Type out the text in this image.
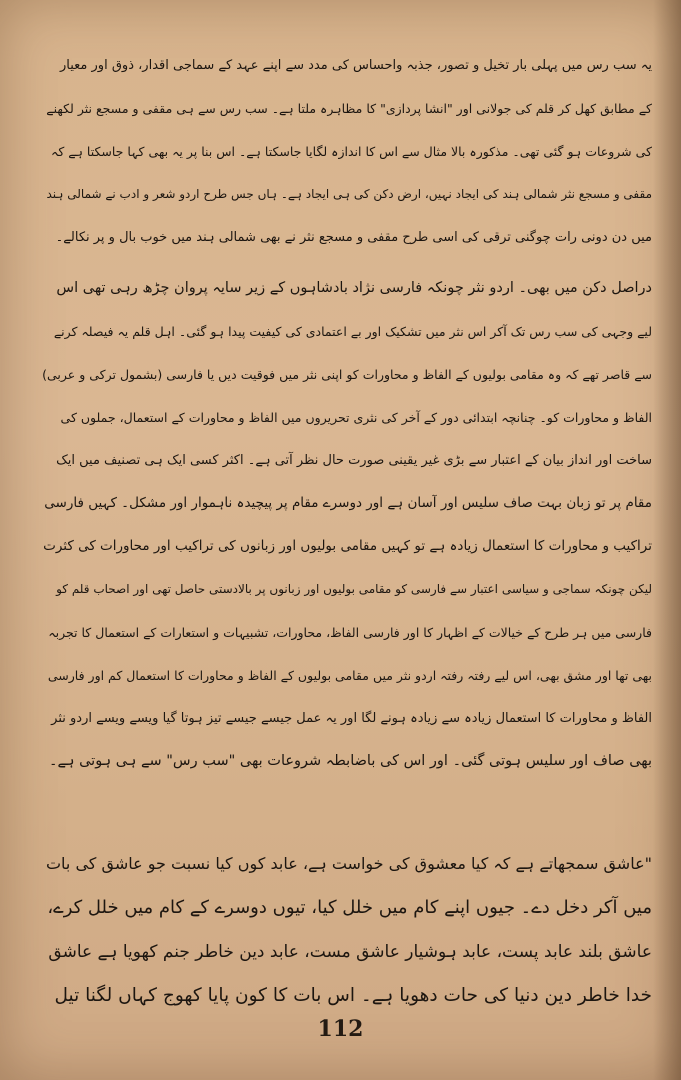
یہ سب رس میں پہلی بار تخیل و تصور، جذبہ واحساس کی مدد سے اپنے عہد کے سماجی اقدار، ذوق اور معیار
کے مطابق کھل کر قلم کی جولانی اور "انشا پردازی" کا مظاہرہ ملتا ہے۔ سب رس سے ہی مقفی و مسجع نثر لکھنے
کی شروعات ہو گئی تھی۔ مذکورہ بالا مثال سے اس کا اندازہ لگایا جاسکتا ہے۔ اس بنا پر یہ بھی کہا جاسکتا ہے کہ
مقفی و مسجع نثر شمالی ہند کی ایجاد نہیں، ارض دکن کی ہی ایجاد ہے۔ ہاں جس طرح اردو شعر و ادب نے شمالی ہند
میں دن دونی رات چوگنی ترقی کی اسی طرح مقفی و مسجع نثر نے بھی شمالی ہند میں خوب بال و پر نکالے۔
دراصل دکن میں بھی۔ اردو نثر چونکہ فارسی نژاد بادشاہوں کے زیر سایہ پروان چڑھ رہی تھی اس
لیے وجہی کی سب رس تک آکر اس نثر میں تشکیک اور بے اعتمادی کی کیفیت پیدا ہو گئی۔ اہل قلم یہ فیصلہ کرنے
سے قاصر تھے کہ وہ مقامی بولیوں کے الفاظ و محاورات کو اپنی نثر میں فوقیت دیں یا فارسی (بشمول ترکی و عربی)
الفاظ و محاورات کو۔ چنانچہ ابتدائی دور کے آخر کی نثری تحریروں میں الفاظ و محاورات کے استعمال، جملوں کی
ساخت اور انداز بیان کے اعتبار سے بڑی غیر یقینی صورت حال نظر آتی ہے۔ اکثر کسی ایک ہی تصنیف میں ایک
مقام پر تو زبان بہت صاف سلیس اور آسان ہے اور دوسرے مقام پر پیچیدہ ناہموار اور مشکل۔ کہیں فارسی
تراکیب و محاورات کا استعمال زیادہ ہے تو کہیں مقامی بولیوں اور زبانوں کی تراکیب اور محاورات کی کثرت
لیکن چونکہ سماجی و سیاسی اعتبار سے فارسی کو مقامی بولیوں اور زبانوں پر بالادستی حاصل تھی اور اصحاب قلم کو
فارسی میں ہر طرح کے خیالات کے اظہار کا اور فارسی الفاظ، محاورات، تشبیہات و استعارات کے استعمال کا تجربہ
بھی تھا اور مشق بھی، اس لیے رفتہ رفتہ اردو نثر میں مقامی بولیوں کے الفاظ و محاورات کا استعمال کم اور فارسی
الفاظ و محاورات کا استعمال زیادہ سے زیادہ ہونے لگا اور یہ عمل جیسے جیسے تیز ہوتا گیا ویسے ویسے اردو نثر
بھی صاف اور سلیس ہوتی گئی۔ اور اس کی باضابطہ شروعات بھی "سب رس" سے ہی ہوتی ہے۔
"عاشق سمجھاتے ہے کہ کیا معشوق کی خواست ہے، عابد کوں کیا نسبت جو عاشق کی بات
میں آکر دخل دے۔ جیوں اپنے کام میں خلل کیا، تیوں دوسرے کے کام میں خلل کرے،
عاشق بلند عابد پست، عابد ہوشیار عاشق مست، عابد دین خاطر جنم کھویا ہے عاشق
خدا خاطر دین دنیا کی حات دھویا ہے۔ اس بات کا کون پایا کھوج کہاں لگنا تیل
112
